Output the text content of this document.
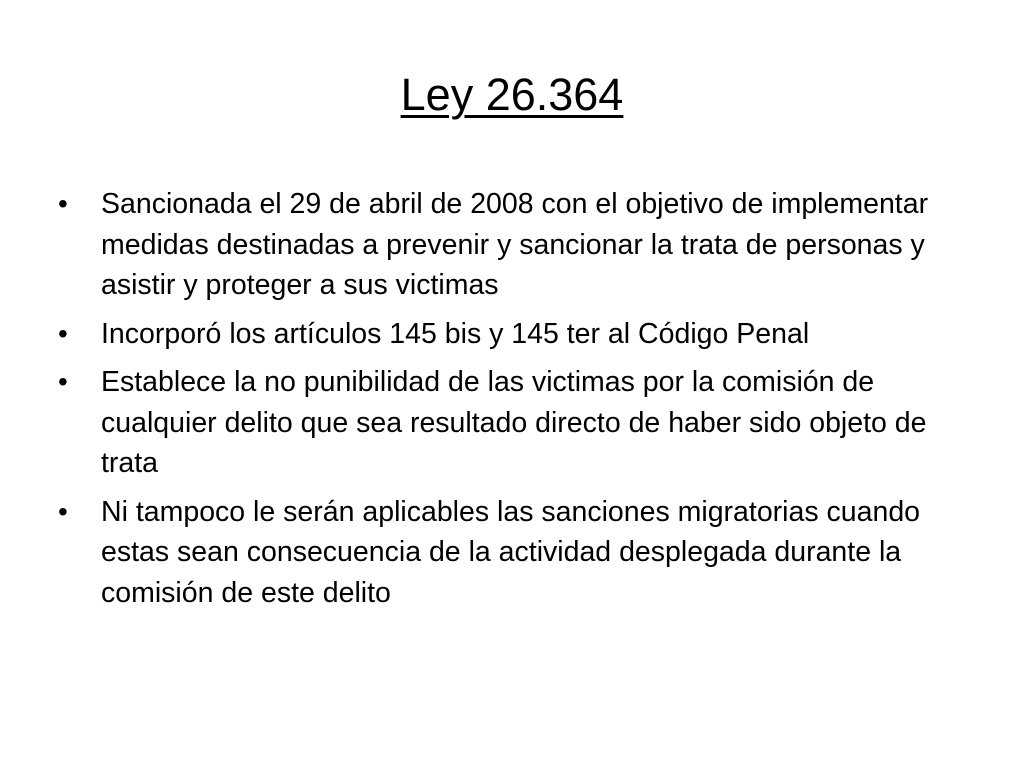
Ley 26.364
• Sancionada el 29 de abril de 2008 con el objetivo de implementar medidas destinadas a prevenir y sancionar la trata de personas y asistir y proteger a sus victimas
• Incorporó los artículos 145 bis y 145 ter al Código Penal
• Establece la no punibilidad de las victimas por la comisión de cualquier delito que sea resultado directo de haber sido objeto de trata
• Ni tampoco le serán aplicables las sanciones migratorias cuando estas sean consecuencia de la actividad desplegada durante la comisión de este delito
